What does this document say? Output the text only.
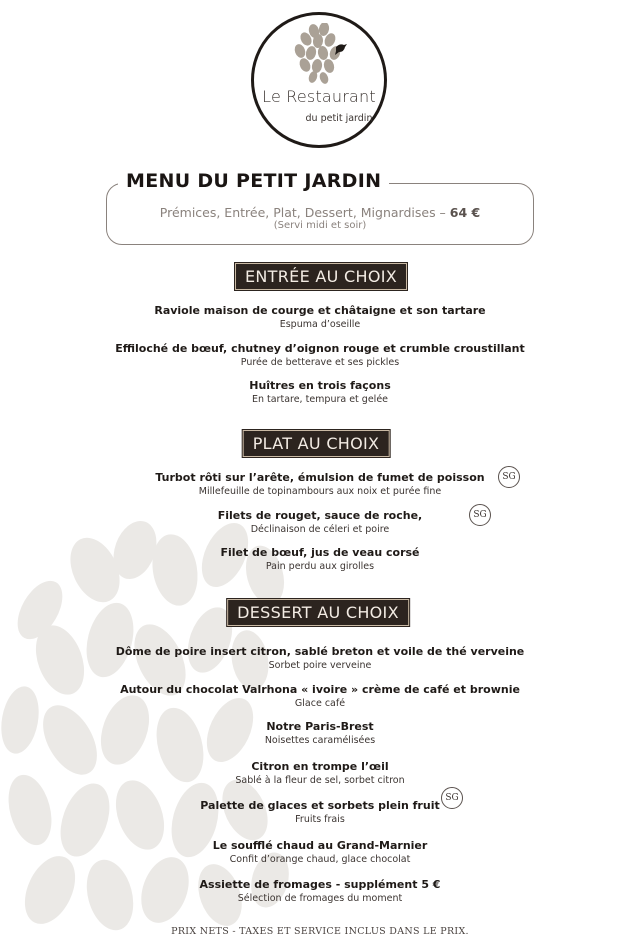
Le Restaurant
du petit jardin
MENU DU PETIT JARDIN
Prémices, Entrée, Plat, Dessert, Mignardises – 64 €
(Servi midi et soir)
ENTRÉE AU CHOIX
Raviole maison de courge et châtaigne et son tartare
Espuma d’oseille
Effiloché de bœuf, chutney d’oignon rouge et crumble croustillant
Purée de betterave et ses pickles
Huîtres en trois façons
En tartare, tempura et gelée
PLAT AU CHOIX
Turbot rôti sur l’arête, émulsion de fumet de poisson
Millefeuille de topinambours aux noix et purée fine
SG
Filets de rouget, sauce de roche,
Déclinaison de céleri et poire
SG
Filet de bœuf, jus de veau corsé
Pain perdu aux girolles
DESSERT AU CHOIX
Dôme de poire insert citron, sablé breton et voile de thé verveine
Sorbet poire verveine
Autour du chocolat Valrhona « ivoire » crème de café et brownie
Glace café
Notre Paris-Brest
Noisettes caramélisées
Citron en trompe l’œil
Sablé à la fleur de sel, sorbet citron
Palette de glaces et sorbets plein fruit
Fruits frais
SG
Le soufflé chaud au Grand-Marnier
Confit d’orange chaud, glace chocolat
Assiette de fromages - supplément 5 €
Sélection de fromages du moment
PRIX NETS - TAXES ET SERVICE INCLUS DANS LE PRIX.
